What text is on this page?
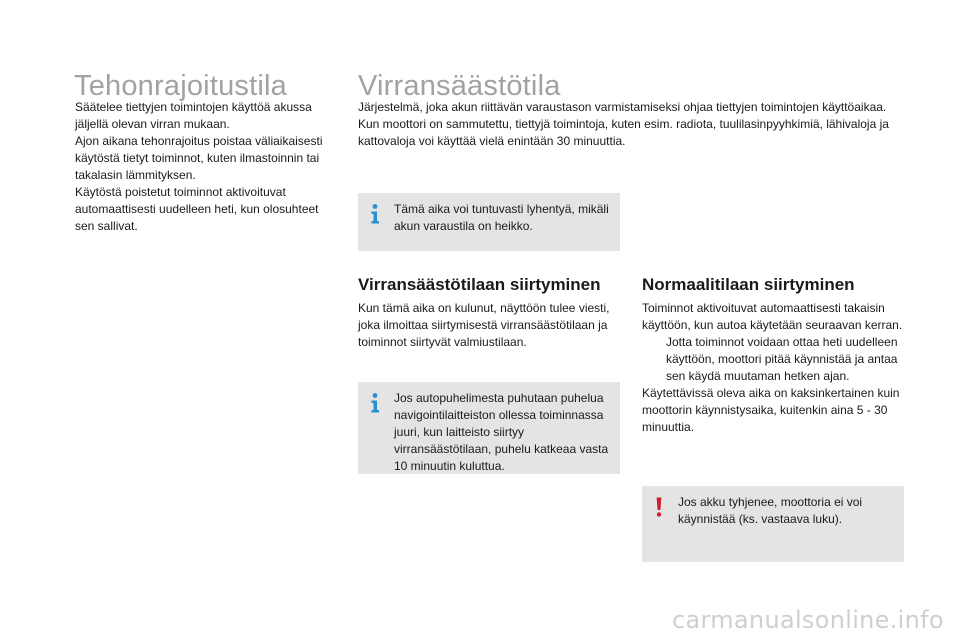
Tehonrajoitustila

Säätelee tiettyjen toimintojen käyttöä akussa jäljellä olevan virran mukaan.

Ajon aikana tehonrajoitus poistaa väliaikaisesti käytöstä tietyt toiminnot, kuten ilmastoinnin tai takalasin lämmityksen.

Käytöstä poistetut toiminnot aktivoituvat automaattisesti uudelleen heti, kun olosuhteet sen sallivat.

Virransäästötila

Järjestelmä, joka akun riittävän varaustason varmistamiseksi ohjaa tiettyjen toimintojen käyttöaikaa.

Kun moottori on sammutettu, tiettyjä toimintoja, kuten esim. radiota, tuulilasinpyyhkimiä, lähivaloja ja kattovaloja voi käyttää vielä enintään 30 minuuttia.

Tämä aika voi tuntuvasti lyhentyä, mikäli akun varaustila on heikko.
Virransäästötilaan siirtyminen

Kun tämä aika on kulunut, näyttöön tulee viesti, joka ilmoittaa siirtymisestä virransäästötilaan ja toiminnot siirtyvät valmiustilaan.

Jos autopuhelimesta puhutaan puhelua navigointilaitteiston ollessa toiminnassa juuri, kun laitteisto siirtyy virransäästötilaan, puhelu katkeaa vasta 10 minuutin kuluttua.
Normaalitilaan siirtyminen

Toiminnot aktivoituvat automaattisesti takaisin käyttöön, kun autoa käytetään seuraavan kerran.

Jotta toiminnot voidaan ottaa heti uudelleen käyttöön, moottori pitää käynnistää ja antaa sen käydä muutaman hetken ajan.

Käytettävissä oleva aika on kaksinkertainen kuin moottorin käynnistysaika, kuitenkin aina 5 - 30 minuuttia.

Jos akku tyhjenee, moottoria ei voi käynnistää (ks. vastaava luku).
carmanualsonline.info
